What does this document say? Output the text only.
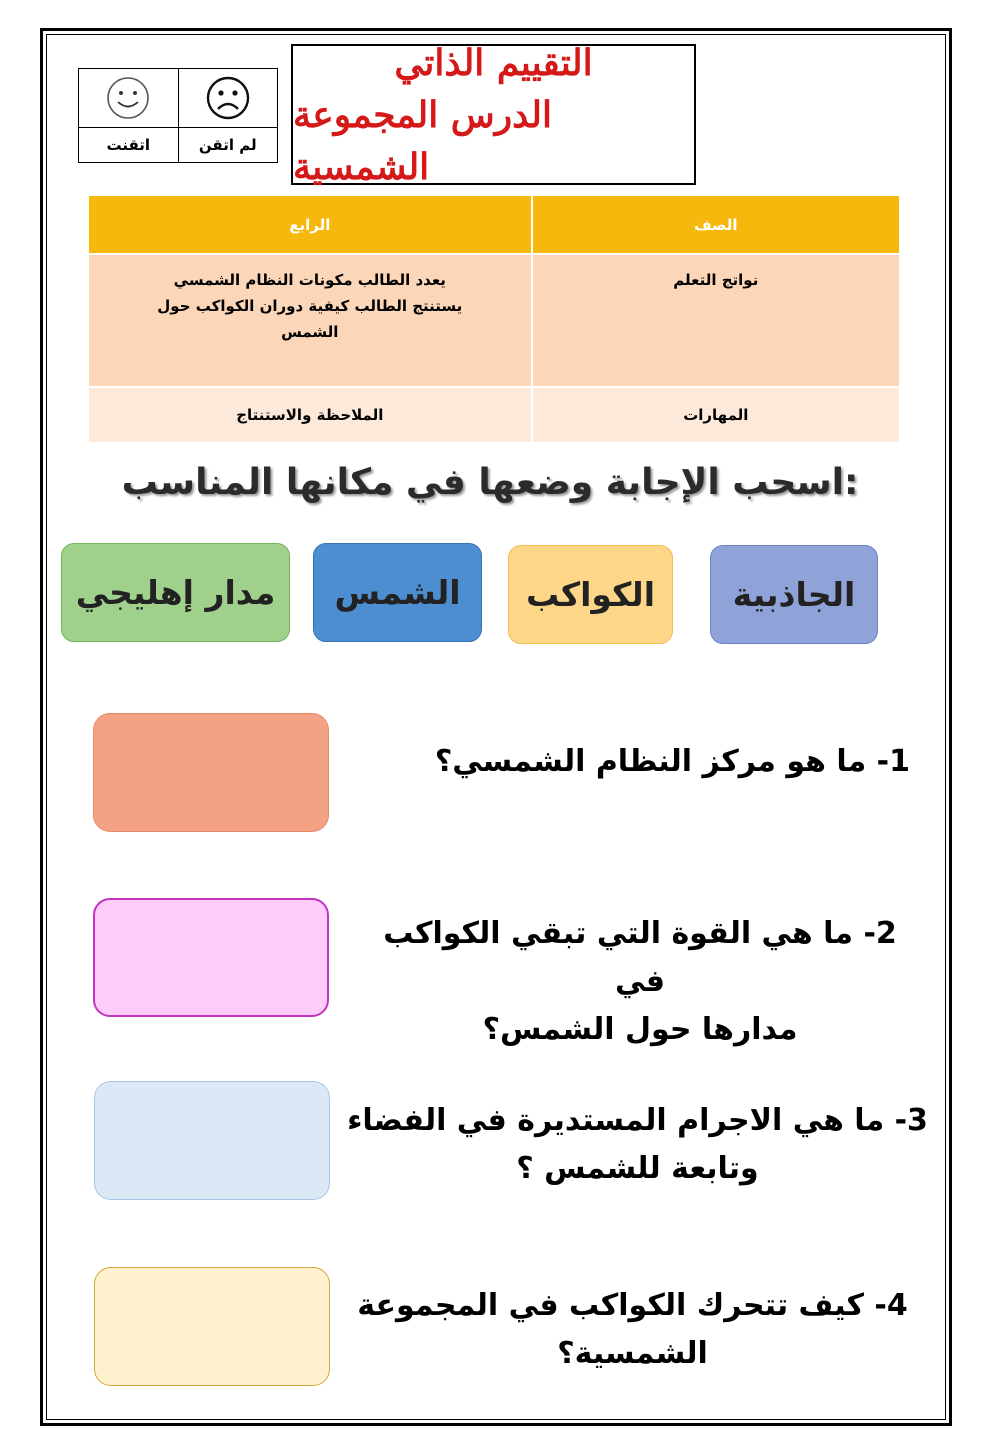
اتقنت	لم اتقن
التقييم الذاتي
الدرس المجموعة الشمسية
الرابع	الصف

يعدد الطالب مكونات النظام الشمسي
يستنتج الطالب كيفية دوران الكواكب حول
الشمس	نواتج التعلم
الملاحظة والاستنتاج	المهارات
اسحب الإجابة وضعها في مكانها المناسب:
الجاذبية
الكواكب
الشمس
مدار إهليجي
1- ما هو مركز النظام الشمسي؟
2- ما هي القوة التي تبقي الكواكب في
مدارها حول الشمس؟
3- ما هي الاجرام المستديرة في الفضاء
وتابعة للشمس ؟
4- كيف تتحرك الكواكب في المجموعة
الشمسية؟
